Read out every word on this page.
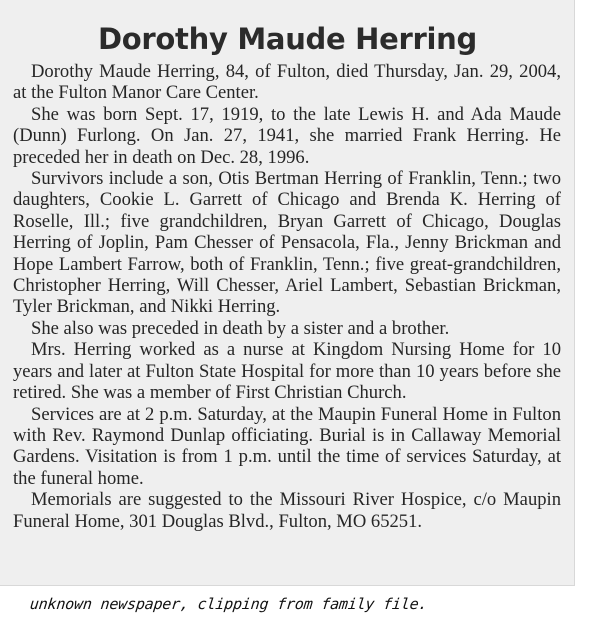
Dorothy Maude Herring

Dorothy Maude Herring, 84, of Fulton, died Thursday, Jan. 29, 2004, at the Fulton Manor Care Center.

She was born Sept. 17, 1919, to the late Lewis H. and Ada Maude (Dunn) Furlong. On Jan. 27, 1941, she married Frank Herring. He preceded her in death on Dec. 28, 1996.

Survivors include a son, Otis Bertman Herring of Franklin, Tenn.; two daughters, Cookie L. Garrett of Chicago and Brenda K. Herring of Roselle, Ill.; five grandchildren, Bryan Garrett of Chicago, Douglas Herring of Joplin, Pam Chesser of Pensacola, Fla., Jenny Brickman and Hope Lambert Farrow, both of Franklin, Tenn.; five great-grandchildren, Christopher Herring, Will Chesser, Ariel Lambert, Sebastian Brickman, Tyler Brickman, and Nikki Herring.

She also was preceded in death by a sister and a brother.

Mrs. Herring worked as a nurse at Kingdom Nursing Home for 10 years and later at Fulton State Hospital for more than 10 years before she retired. She was a member of First Christian Church.

Services are at 2 p.m. Saturday, at the Maupin Funeral Home in Fulton with Rev. Raymond Dunlap officiating. Burial is in Callaway Memorial Gardens. Visitation is from 1 p.m. until the time of services Saturday, at the funeral home.

Memorials are suggested to the Missouri River Hospice, c/o Maupin Funeral Home, 301 Douglas Blvd., Fulton, MO 65251.

unknown newspaper, clipping from family file.
